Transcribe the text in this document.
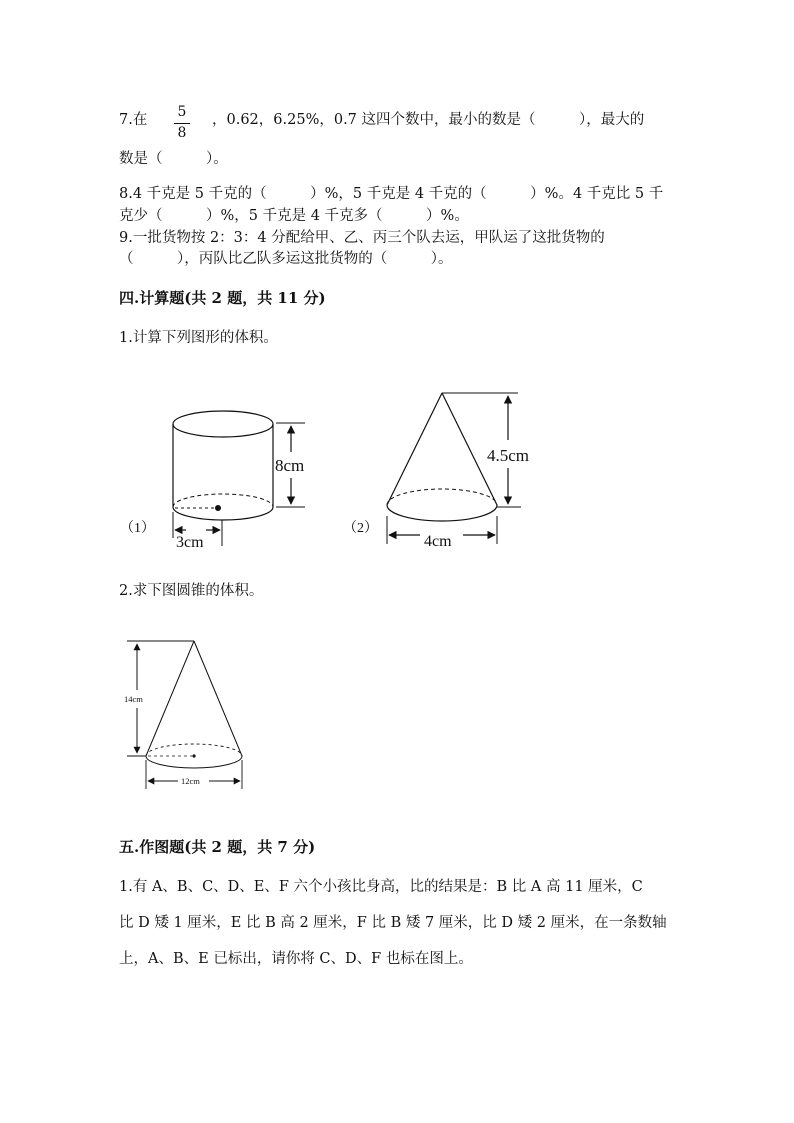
7.在 5
8
，0.62，6.25%，0.7 这四个数中，最小的数是（　　　），最大的
数是（　　　）。
8.4 千克是 5 千克的（　　　）%，5 千克是 4 千克的（　　　）%。4 千克比 5 千
克少（　　　）%，5 千克是 4 千克多（　　　）%。
9.一批货物按 2：3：4 分配给甲、乙、丙三个队去运，甲队运了这批货物的
（　　　），丙队比乙队多运这批货物的（　　　）。
四.计算题(共 2 题，共 11 分)
1.计算下列图形的体积。
8cm
3cm
（1）
4.5cm
4cm
（2）
14cm
12cm
2.求下图圆锥的体积。
五.作图题(共 2 题，共 7 分)
1.有 A、B、C、D、E、F 六个小孩比身高，比的结果是：B 比 A 高 11 厘米，C
比 D 矮 1 厘米，E 比 B 高 2 厘米，F 比 B 矮 7 厘米，比 D 矮 2 厘米，在一条数轴
上，A、B、E 已标出，请你将 C、D、F 也标在图上。
